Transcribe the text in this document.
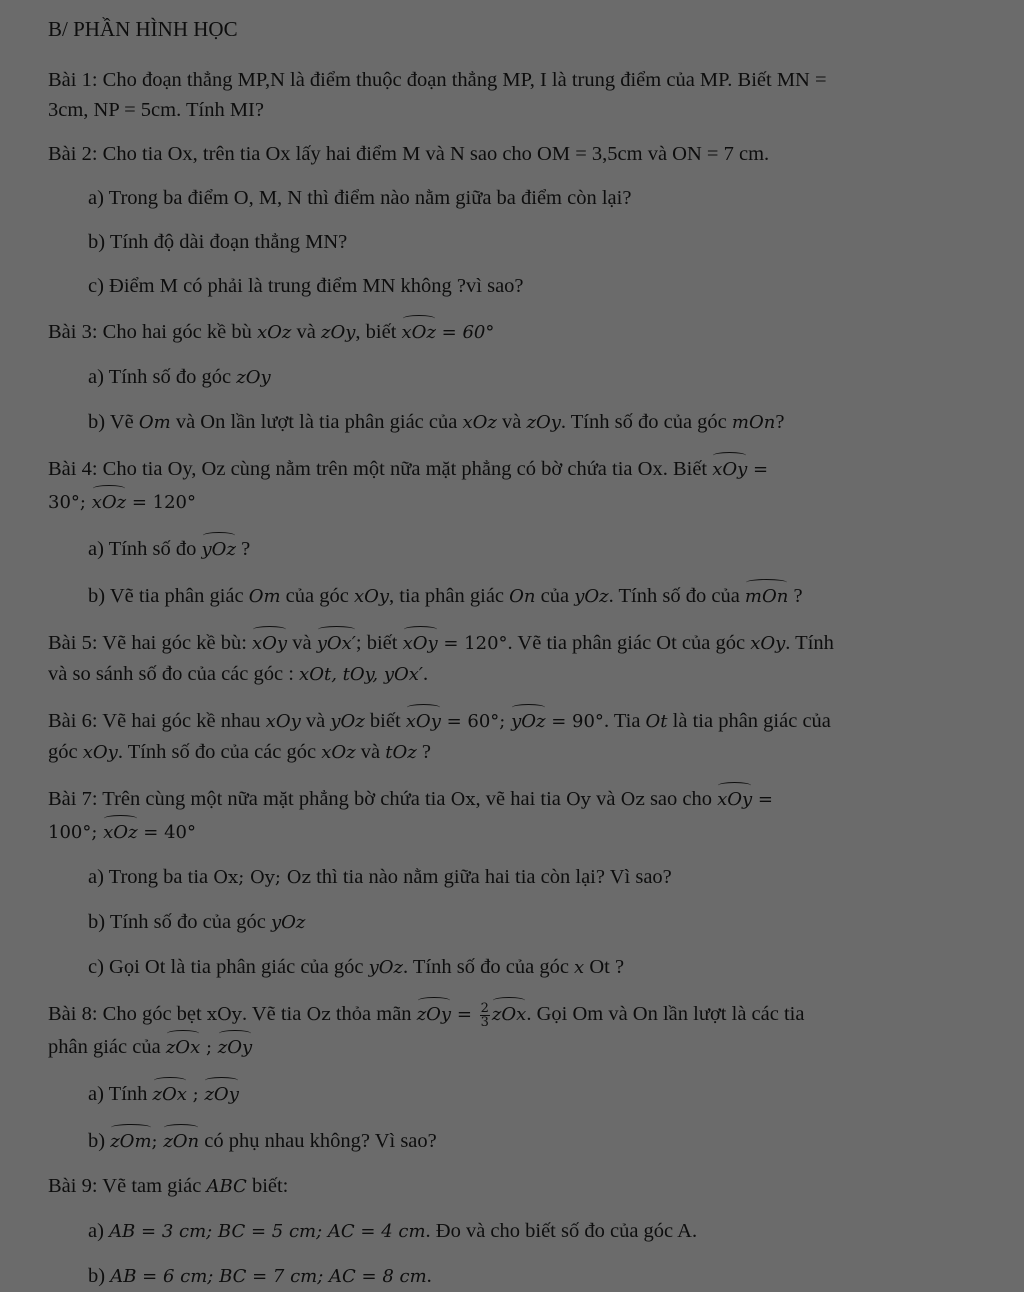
B/ PHẦN HÌNH HỌC

Bài 1: Cho đoạn thẳng MP,N là điểm thuộc đoạn thẳng MP, I là trung điểm của MP. Biết MN =

3cm, NP = 5cm. Tính MI?

Bài 2: Cho tia Ox, trên tia Ox lấy hai điểm M và N sao cho OM = 3,5cm và ON = 7 cm.

a) Trong ba điểm O, M, N thì điểm nào nằm giữa ba điểm còn lại?

b) Tính độ dài đoạn thẳng MN?

c) Điểm M có phải là trung điểm MN không ?vì sao?

Bài 3: Cho hai góc kề bù xOz và zOy, biết xOz = 60°

a) Tính số đo góc zOy

b) Vẽ Om và On lần lượt là tia phân giác của xOz và zOy. Tính số đo của góc mOn?

Bài 4: Cho tia Oy, Oz cùng nằm trên một nữa mặt phẳng có bờ chứa tia Ox. Biết xOy =

30°; xOz = 120°

a) Tính số đo yOz ?

b) Vẽ tia phân giác Om của góc xOy, tia phân giác On của yOz. Tính số đo của mOn ?

Bài 5: Vẽ hai góc kề bù: xOy và yOx′; biết xOy = 120°. Vẽ tia phân giác Ot của góc xOy. Tính

và so sánh số đo của các góc : xOt, tOy, yOx′.

Bài 6: Vẽ hai góc kề nhau xOy và yOz biết xOy = 60°; yOz = 90°. Tia Ot là tia phân giác của

góc xOy. Tính số đo của các góc xOz và tOz ?

Bài 7: Trên cùng một nữa mặt phẳng bờ chứa tia Ox, vẽ hai tia Oy và Oz sao cho xOy =

100°; xOz = 40°

a) Trong ba tia Ox; Oy; Oz thì tia nào nằm giữa hai tia còn lại? Vì sao?

b) Tính số đo của góc yOz

c) Gọi Ot là tia phân giác của góc yOz. Tính số đo của góc x Ot ?

Bài 8: Cho góc bẹt xOy. Vẽ tia Oz thỏa mãn zOy = $\frac{2}{3}$ zOx. Gọi Om và On lần lượt là các tia

phân giác của zOx ; zOy

a) Tính zOx ; zOy

b) zOm; zOn có phụ nhau không? Vì sao?

Bài 9: Vẽ tam giác ABC biết:

a) AB = 3 cm; BC = 5 cm; AC = 4 cm. Đo và cho biết số đo của góc A.

b) AB = 6 cm; BC = 7 cm; AC = 8 cm.
